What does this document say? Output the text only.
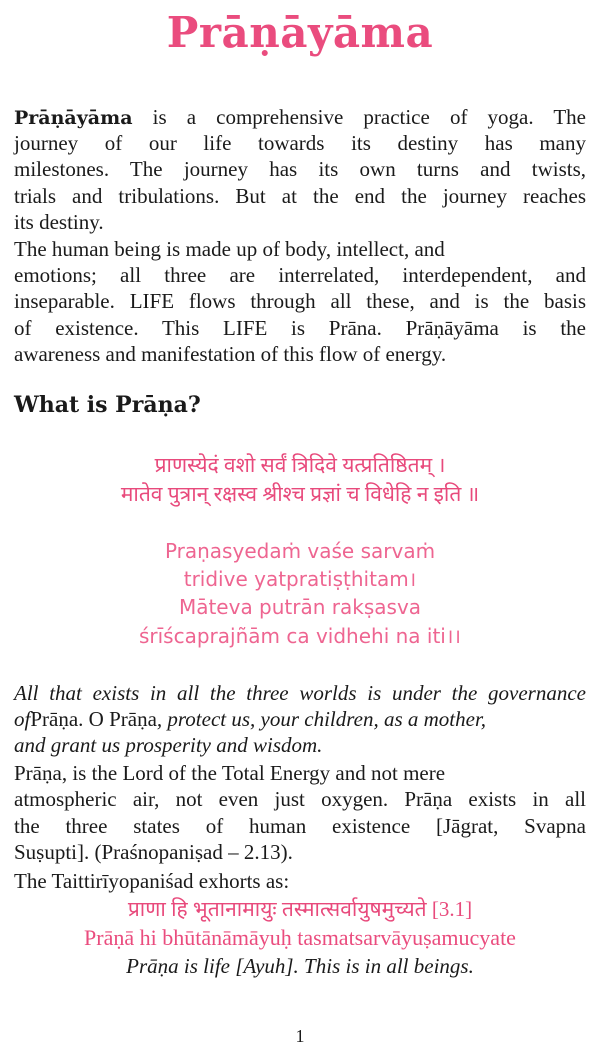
Prāṇāyāma
What is Prāṇa?
Prāṇāyāma is a comprehensive practice of yoga. The
journey of our life towards its destiny has many
milestones. The journey has its own turns and twists,
trials and tribulations. But at the end the journey reaches
its destiny.
The human being is made up of body, intellect, and
emotions; all three are interrelated, interdependent, and
inseparable. LIFE flows through all these, and is the basis
of existence. This LIFE is Prāna. Prāṇāyāma is the
awareness and manifestation of this flow of energy.
प्राणस्येदं वशो सर्वं त्रिदिवे यत्प्रतिष्ठितम् ।
मातेव पुत्रान् रक्षस्व श्रीश्च प्रज्ञां च विधेहि न इति ॥
Praṇasyedaṁ vaśe sarvaṁ
tridive yatpratiṣṭhitam।
Māteva putrān rakṣasva
śrīścaprajñām ca vidhehi na iti।।
All that exists in all the three worlds is under the governance
ofPrāṇa. O Prāṇa, protect us, your children, as a mother,
and grant us prosperity and wisdom.
Prāṇa, is the Lord of the Total Energy and not mere
atmospheric air, not even just oxygen. Prāṇa exists in all
the three states of human existence [Jāgrat, Svapna
Suṣupti]. (Praśnopaniṣad – 2.13).
The Taittirīyopaniśad exhorts as:
प्राणा हि भूतानामायुः तस्मात्सर्वायुषमुच्यते [3.1]
Prāṇā hi bhūtānāmāyuḥ tasmatsarvāyuṣamucyate
Prāṇa is life [Ayuh]. This is in all beings.
1
